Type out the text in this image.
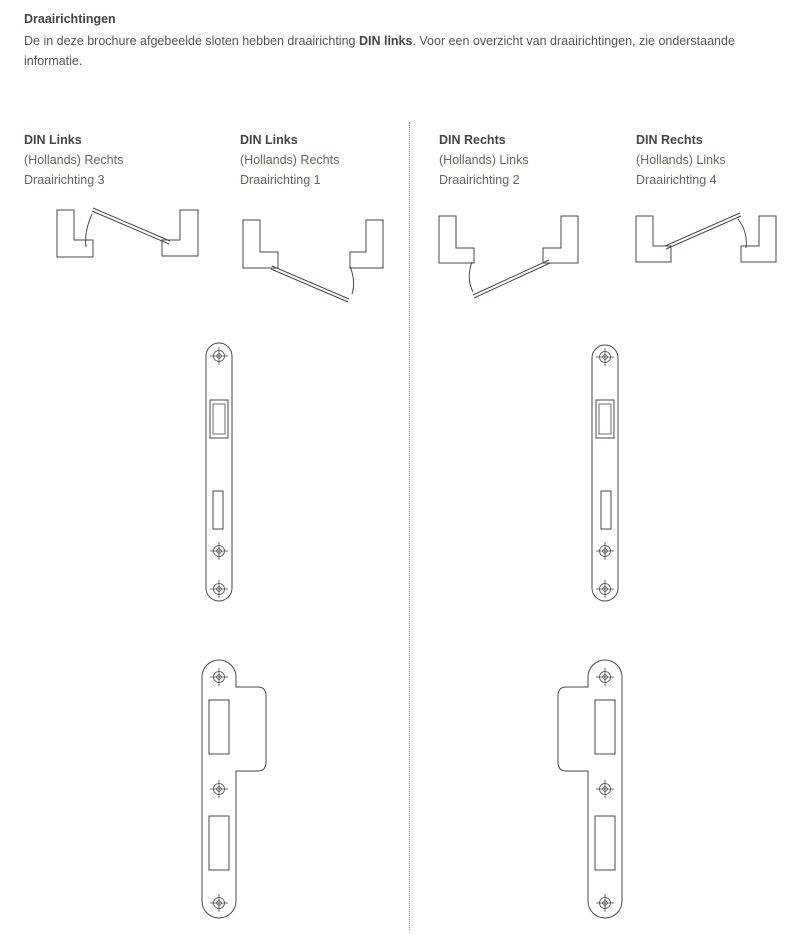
Draairichtingen
De in deze brochure afgebeelde sloten hebben draairichting DIN links. Voor een overzicht van draairichtingen, zie onderstaande informatie.
DIN Links
(Hollands) Rechts
Draairichting 3
DIN Links
(Hollands) Rechts
Draairichting 1
DIN Rechts
(Hollands) Links
Draairichting 2
DIN Rechts
(Hollands) Links
Draairichting 4
